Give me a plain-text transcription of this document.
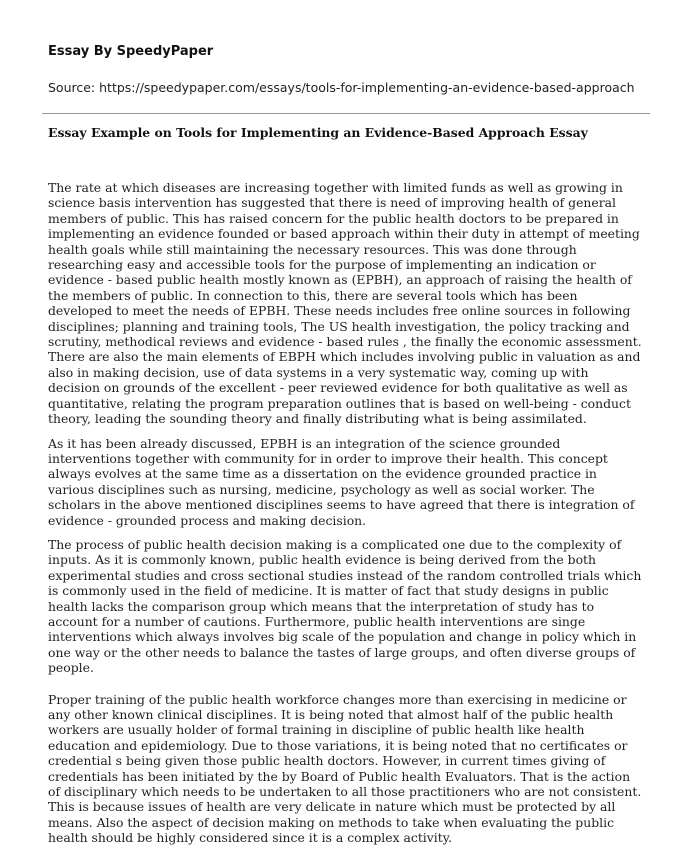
Essay By SpeedyPaper
Source: https://speedypaper.com/essays/tools-for-implementing-an-evidence-based-approach
Essay Example on Tools for Implementing an Evidence-Based Approach Essay

The rate at which diseases are increasing together with limited funds as well as growing in science basis intervention has suggested that there is need of improving health of general members of public. This has raised concern for the public health doctors to be prepared in implementing an evidence founded or based approach within their duty in attempt of meeting health goals while still maintaining the necessary resources. This was done through researching easy and accessible tools for the purpose of implementing an indication or evidence - based public health mostly known as (EPBH), an approach of raising the health of the members of public. In connection to this, there are several tools which has been developed to meet the needs of EPBH. These needs includes free online sources in following disciplines; planning and training tools, The US health investigation, the policy tracking and scrutiny, methodical reviews and evidence - based rules , the finally the economic assessment. There are also the main elements of EBPH which includes involving public in valuation as and also in making decision, use of data systems in a very systematic way, coming up with decision on grounds of the excellent - peer reviewed evidence for both qualitative as well as quantitative, relating the program preparation outlines that is based on well-being - conduct theory, leading the sounding theory and finally distributing what is being assimilated.

As it has been already discussed, EPBH is an integration of the science grounded interventions together with community for in order to improve their health. This concept always evolves at the same time as a dissertation on the evidence grounded practice in various disciplines such as nursing, medicine, psychology as well as social worker. The scholars in the above mentioned disciplines seems to have agreed that there is integration of evidence - grounded process and making decision.

The process of public health decision making is a complicated one due to the complexity of inputs. As it is commonly known, public health evidence is being derived from the both experimental studies and cross sectional studies instead of the random controlled trials which is commonly used in the field of medicine. It is matter of fact that study designs in public health lacks the comparison group which means that the interpretation of study has to account for a number of cautions. Furthermore, public health interventions are singe interventions which always involves big scale of the population and change in policy which in one way or the other needs to balance the tastes of large groups, and often diverse groups of people.

Proper training of the public health workforce changes more than exercising in medicine or any other known clinical disciplines. It is being noted that almost half of the public health workers are usually holder of formal training in discipline of public health like health education and epidemiology. Due to those variations, it is being noted that no certificates or credential s being given those public health doctors. However, in current times giving of credentials has been initiated by the by Board of Public health Evaluators. That is the action of disciplinary which needs to be undertaken to all those practitioners who are not consistent. This is because issues of health are very delicate in nature which must be protected by all means. Also the aspect of decision making on methods to take when evaluating the public health should be highly considered since it is a complex activity.
